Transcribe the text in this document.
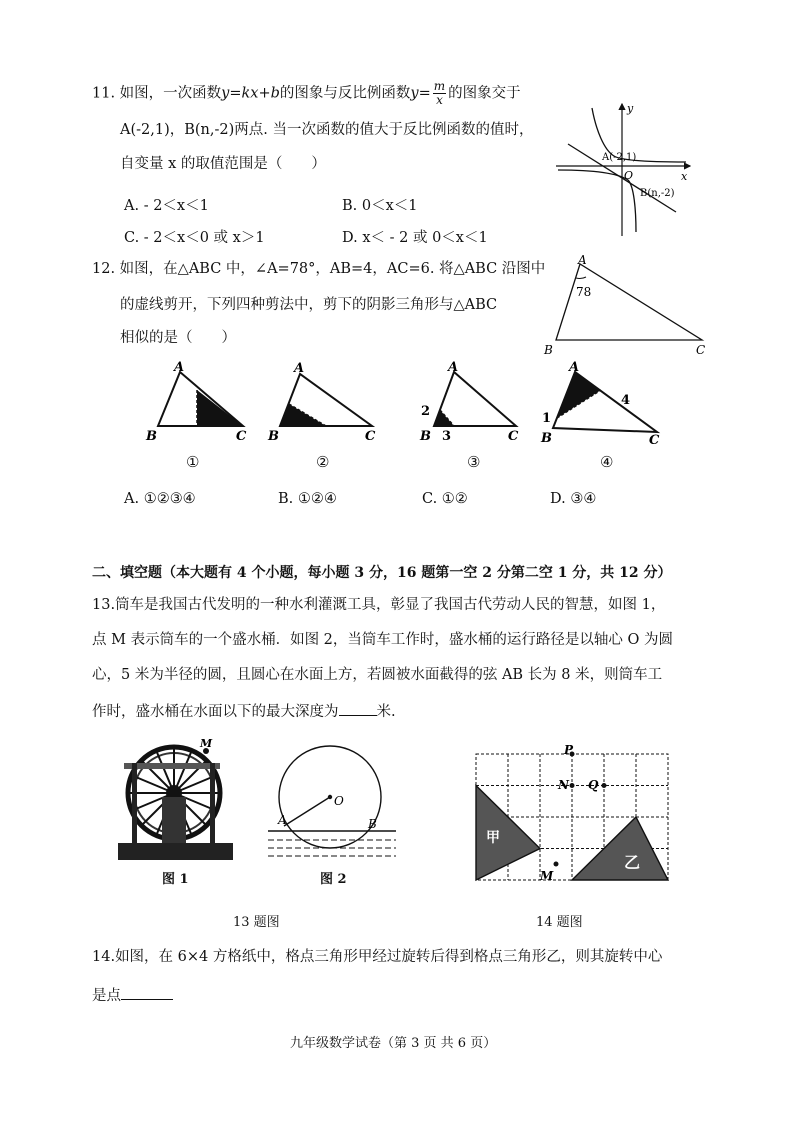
11. 如图，一次函数y=kx+b的图象与反比例函数$y= \frac{m}{x}$ 的图象交于
A(-2,1)，B(n,-2)两点. 当一次函数的值大于反比例函数的值时，
自变量 x 的取值范围是（　　）
A. - 2＜x＜1	B. 0＜x＜1
C. - 2＜x＜0 或 x＞1	D. x＜ - 2 或 0＜x＜1
y
x
O
A(-2,1)
B(n,-2)
12. 如图，在△ABC 中，∠A=78°，AB=4，AC=6. 将△ABC 沿图中
的虚线剪开，下列四种剪法中，剪下的阴影三角形与△ABC
相似的是（　　）
A
78
B	C
A
B	C
A
B	C
A
2
B 3	C
A
1
4
B	C
①	②	③	④
A. ①②③④	B. ①②④	C. ①②	D. ③④
二、填空题（本大题有 4 个小题，每小题 3 分，16 题第一空 2 分第二空 1 分，共 12 分）
13.筒车是我国古代发明的一种水利灌溉工具，彰显了我国古代劳动人民的智慧，如图 1，
点 M 表示筒车的一个盛水桶．如图 2，当筒车工作时，盛水桶的运行路径是以轴心 O 为圆
心，5 米为半径的圆，且圆心在水面上方，若圆被水面截得的弦 AB 长为 8 米，则筒车工
作时，盛水桶在水面以下的最大深度为	米.
M
图 1
O
A	B
图 2
13 题图
P
N Q
M
甲
乙
14 题图
14.如图，在 6×4 方格纸中，格点三角形甲经过旋转后得到格点三角形乙，则其旋转中心
是点
九年级数学试卷（第 3 页 共 6 页）
